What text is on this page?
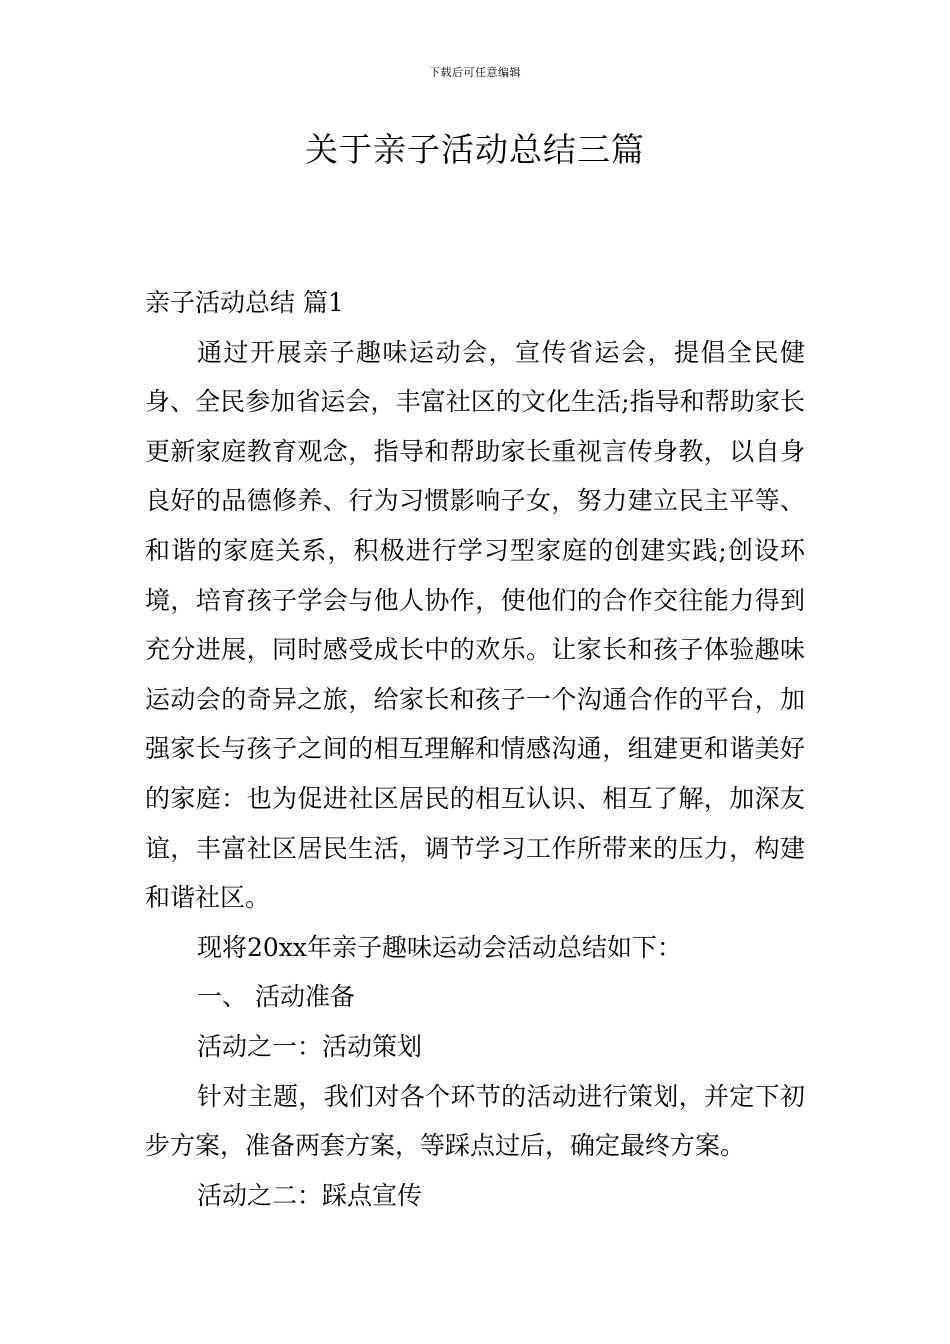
下载后可任意编辑
关于亲子活动总结三篇

亲子活动总结 篇1

通过开展亲子趣味运动会，宣传省运会，提倡全民健身、全民参加省运会，丰富社区的文化生活;指导和帮助家长更新家庭教育观念，指导和帮助家长重视言传身教，以自身良好的品德修养、行为习惯影响子女，努力建立民主平等、和谐的家庭关系，积极进行学习型家庭的创建实践;创设环境，培育孩子学会与他人协作，使他们的合作交往能力得到充分进展，同时感受成长中的欢乐。让家长和孩子体验趣味运动会的奇异之旅，给家长和孩子一个沟通合作的平台，加强家长与孩子之间的相互理解和情感沟通，组建更和谐美好的家庭：也为促进社区居民的相互认识、相互了解，加深友谊，丰富社区居民生活，调节学习工作所带来的压力，构建和谐社区。

现将20xx年亲子趣味运动会活动总结如下：

一、 活动准备

活动之一：活动策划

针对主题，我们对各个环节的活动进行策划，并定下初步方案，准备两套方案，等踩点过后，确定最终方案。

活动之二：踩点宣传
